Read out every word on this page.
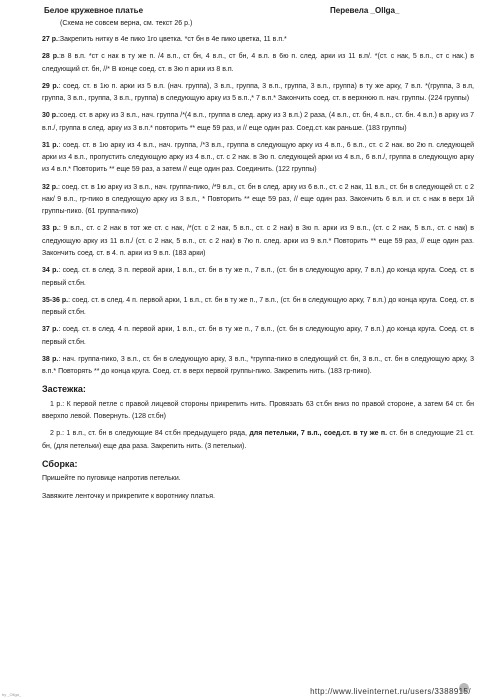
Белое кружевное платье	Перевела _Ollga_
(Схема не совсем верна, см. текст 26 р.)

27 р.:Закрепить нитку в 4е пико 1го цветка. *ст бн в 4е пико цветка, 11 в.п.*

28 р.:в 8 в.п. *ст с нак в ту же п. /4 в.п., ст бн, 4 в.п., ст бн, 4 в.п. в 6ю п. след. арки из 11 в.п/. *(ст. с нак, 5 в.п., ст с нак.) в следующий ст. бн, //* В конце соед. ст. в 3ю п арки из 8 в.п.

29 р.: соед. ст. в 1ю п. арки из 5 в.п. (нач. группа), 3 в.п., группа, 3 в.п., группа, 3 в.п., группа) в ту же арку, 7 в.п. *(группа, 3 в.п, группа, 3 в.п., группа, 3 в.п., группа) в следующую арку из 5 в.п.,* 7 в.п.* Закончить соед. ст. в верхнюю п. нач. группы. (224 группы)

30 р.:соед. ст. в арку из 3 в.п., нач. группа /*(4 в.п., группа в след. арку из 3 в.п.) 2 раза, (4 в.п., ст. бн, 4 в.п., ст. бн. 4 в.п.) в арку из 7 в.п./, группа в след. арку из 3 в.п.* повторить ** еще 59 раз, и // еще один раз. Соед.ст. как раньше. (183 группы)

31 р.: соед. ст. в 1ю арку из 4 в.п., нач. группа, /*3 в.п., группа в следующую арку из 4 в.п., 6 в.п., ст. с 2 нак. во 2ю п. следующей арки из 4 в.п., пропустить следующую арку из 4 в.п., ст. с 2 нак. в 3ю п. следующей арки из 4 в.п., 6 в.п./, группа в следующую арку из 4 в.п.* Повторить ** еще 59 раз, а затем // еще один раз. Соединить. (122 группы)

32 р.: соед. ст. в 1ю арку из 3 в.п., нач. группа-пико, /*9 в.п., ст. бн в след. арку из 6 в.п., ст. с 2 нак, 11 в.п., ст. бн в следующей ст. с 2 нак/ 9 в.п., гр-пико в следующую арку из 3 в.п., * Повторить ** еще 59 раз, // еще один раз. Закончить 6 в.п. и ст. с нак в верх 1й группы-пико. (61 группа-пико)

33 р.: 9 в.п., ст. с 2 нак в тот же ст. с нак, /*(ст. с 2 нак, 5 в.п., ст. с 2 нак) в 3ю п. арки из 9 в.п., (ст. с 2 нак, 5 в.п., ст. с нак) в следующую арку из 11 в.п./ (ст. с 2 нак, 5 в.п., ст. с 2 нак) в 7ю п. след. арки из 9 в.п.* Повторить ** еще 59 раз, // еще один раз. Закончить соед. ст. в 4. п. арки из 9 в.п. (183 арки)

34 р.: соед. ст. в след. 3 п. первой арки, 1 в.п., ст. бн в ту же п., 7 в.п., (ст. бн в следующую арку, 7 в.п.) до конца круга. Соед. ст. в первый ст.бн.

35-36 р.: соед. ст. в след. 4 п. первой арки, 1 в.п., ст. бн в ту же п., 7 в.п., (ст. бн в следующую арку, 7 в.п.) до конца круга. Соед. ст. в первый ст.бн.

37 р.: соед. ст. в след. 4 п. первой арки, 1 в.п., ст. бн в ту же п., 7 в.п., (ст. бн в следующую арку, 7 в.п.) до конца круга. Соед. ст. в первый ст.бн.

38 р.: нач. группа-пико, 3 в.п., ст. бн в следующую арку, 3 в.п., *группа-пико в следующий ст. бн, 3 в.п., ст. бн в следующую арку, 3 в.п.* Повторять ** до конца круга. Соед. ст. в верх первой группы-пико. Закрепить нить. (183 гр-пико).

Застежка:

1 р.: К первой петле с правой лицевой стороны прикрепить нить. Провязать 63 ст.бн вниз по правой стороне, а затем 64 ст. бн вверхпо левой. Повернуть. (128 ст.бн)

2 р.: 1 в.п., ст. бн в следующие 84 ст.бн предыдущего ряда, для петельки, 7 в.п., соед.ст. в ту же п. ст. бн в следующие 21 ст. бн, (для петельки) еще два раза. Закрепить нить. (3 петельки).

Сборка:

Пришейте по пуговице напротив петельки.

Завяжите ленточку и прикрепите к воротнику платья.

by _Ollga_	http://www.liveinternet.ru/users/3388915/
